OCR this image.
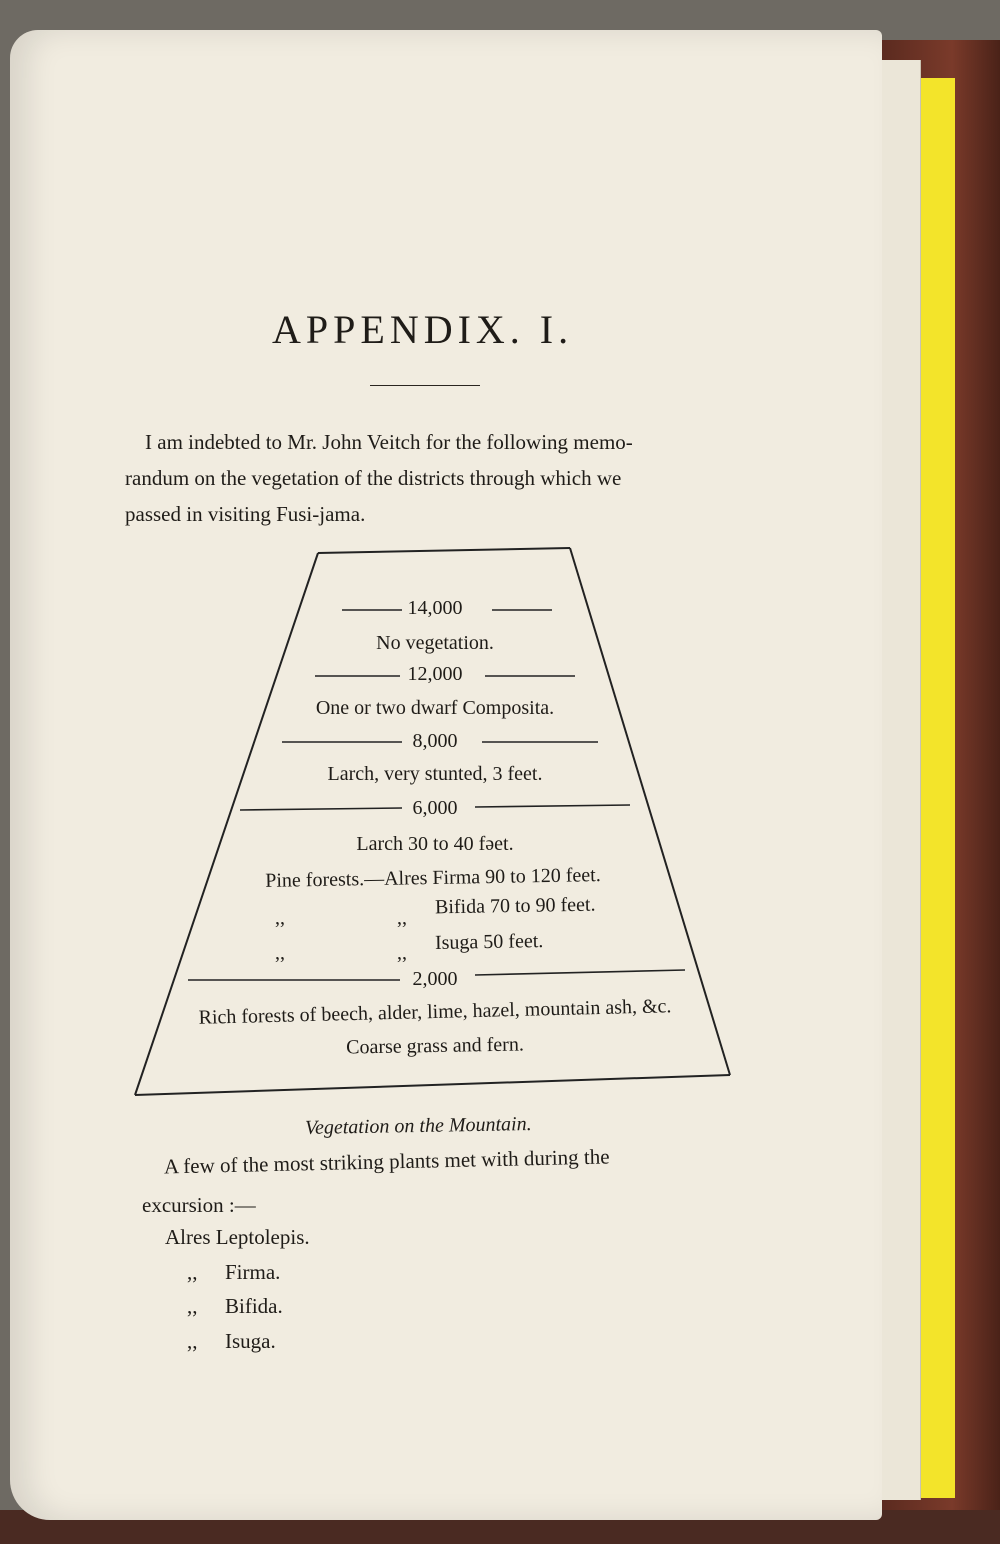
APPENDIX. I.
I am indebted to Mr. John Veitch for the following memo-
randum on the vegetation of the districts through which we
passed in visiting Fusi-jama.
14,000
No vegetation.
12,000
One or two dwarf Composita.
8,000
Larch, very stunted, 3 feet.
6,000
Larch 30 to 40 fəet.
Pine forests.—Alres Firma 90 to 120 feet.
,,	,, Bifida 70 to 90 feet.
,,	,, Isuga 50 feet.
2,000
Rich forests of beech, alder, lime, hazel, mountain ash, &c.
Coarse grass and fern.
Vegetation on the Mountain.
A few of the most striking plants met with during the
excursion :—
Alres Leptolepis.
,, Firma.
,, Bifida.
,, Isuga.
